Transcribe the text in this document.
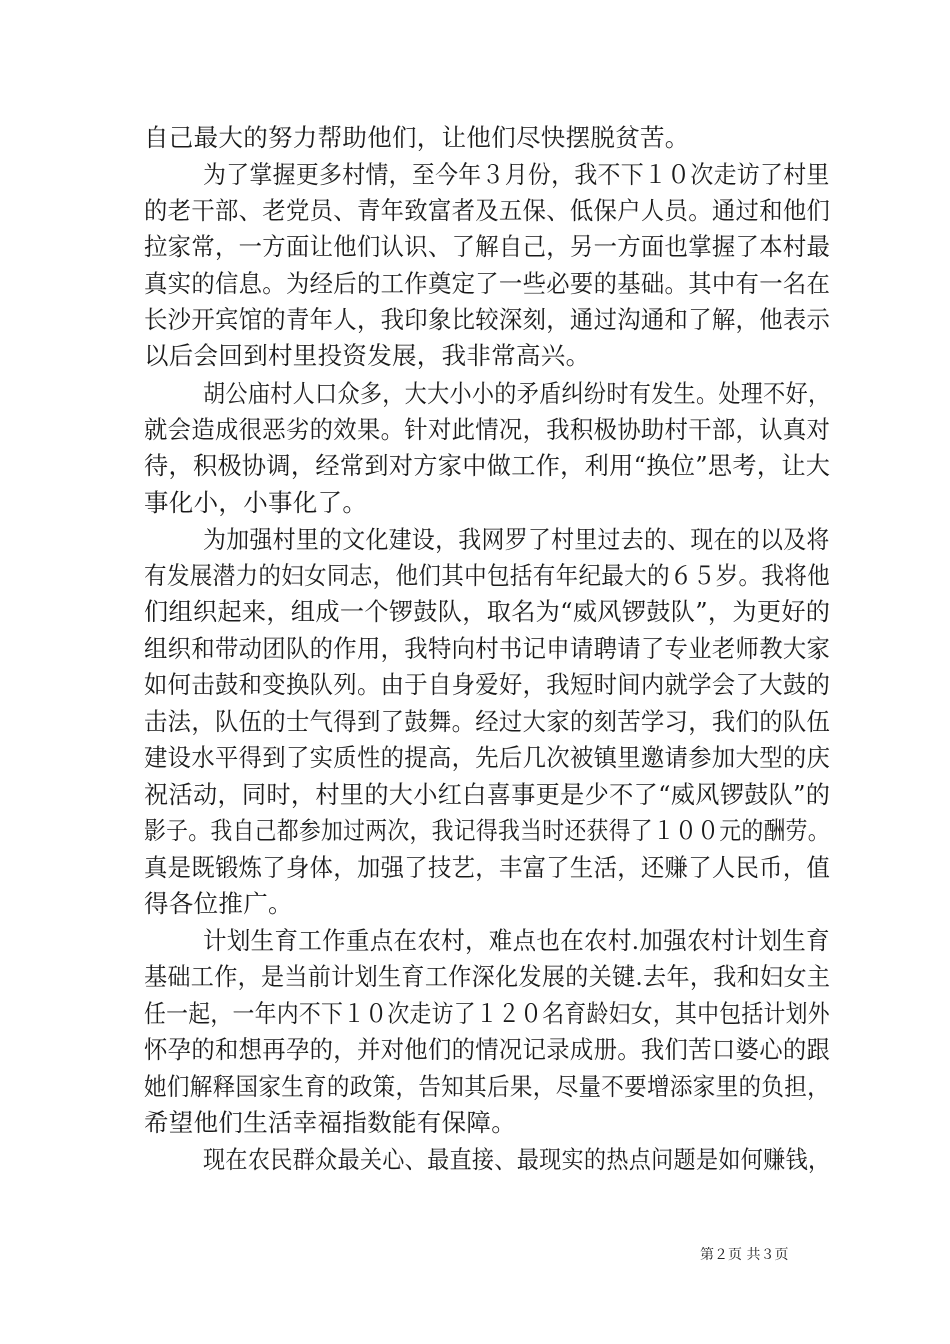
自己最大的努力帮助他们，让他们尽快摆脱贫苦。
为了掌握更多村情，至今年３月份，我不下１０次走访了村里
的老干部、老党员、青年致富者及五保、低保户人员。通过和他们
拉家常，一方面让他们认识、了解自己，另一方面也掌握了本村最
真实的信息。为经后的工作奠定了一些必要的基础。其中有一名在
长沙开宾馆的青年人，我印象比较深刻，通过沟通和了解，他表示
以后会回到村里投资发展，我非常高兴。
胡公庙村人口众多，大大小小的矛盾纠纷时有发生。处理不好，
就会造成很恶劣的效果。针对此情况，我积极协助村干部，认真对
待，积极协调，经常到对方家中做工作，利用“换位”思考，让大
事化小，小事化了。
为加强村里的文化建设，我网罗了村里过去的、现在的以及将
有发展潜力的妇女同志，他们其中包括有年纪最大的６５岁。我将他
们组织起来，组成一个锣鼓队，取名为“威风锣鼓队”，为更好的
组织和带动团队的作用，我特向村书记申请聘请了专业老师教大家
如何击鼓和变换队列。由于自身爱好，我短时间内就学会了大鼓的
击法，队伍的士气得到了鼓舞。经过大家的刻苦学习，我们的队伍
建设水平得到了实质性的提高，先后几次被镇里邀请参加大型的庆
祝活动，同时，村里的大小红白喜事更是少不了“威风锣鼓队”的
影子。我自己都参加过两次，我记得我当时还获得了１００元的酬劳。
真是既锻炼了身体，加强了技艺，丰富了生活，还赚了人民币，值
得各位推广。
计划生育工作重点在农村，难点也在农村.加强农村计划生育
基础工作，是当前计划生育工作深化发展的关键.去年，我和妇女主
任一起，一年内不下１０次走访了１２０名育龄妇女，其中包括计划外
怀孕的和想再孕的，并对他们的情况记录成册。我们苦口婆心的跟
她们解释国家生育的政策，告知其后果，尽量不要增添家里的负担，
希望他们生活幸福指数能有保障。
现在农民群众最关心、最直接、最现实的热点问题是如何赚钱，
第２页 共３页
